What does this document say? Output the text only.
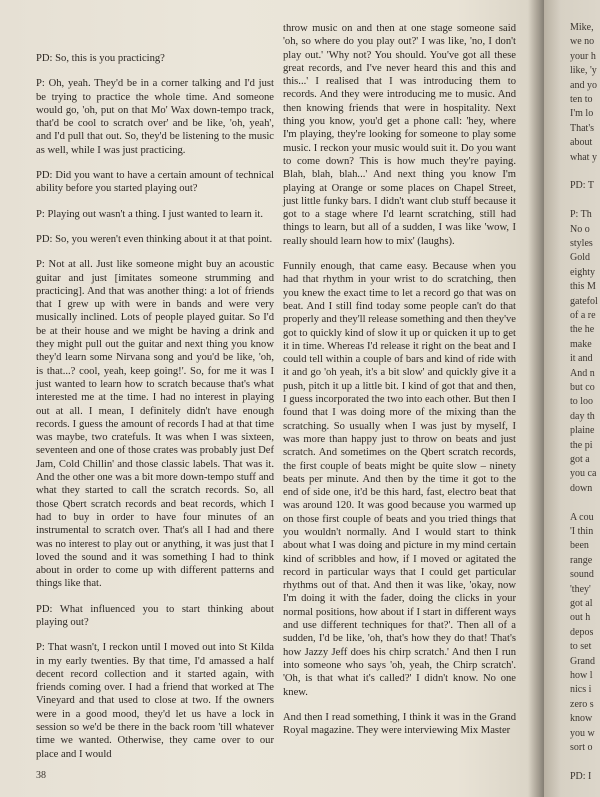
PD: So, this is you practicing?

P: Oh, yeah. They'd be in a corner talking and I'd just be trying to practice the whole time. And someone would go, 'oh, put on that Mo' Wax down-tempo track, that'd be cool to scratch over' and be like, 'oh, yeah', and I'd pull that out. So, they'd be listening to the music as well, while I was just practicing.

PD: Did you want to have a certain amount of technical ability before you started playing out?

P: Playing out wasn't a thing. I just wanted to learn it.

PD: So, you weren't even thinking about it at that point.

P: Not at all. Just like someone might buy an acoustic guitar and just [imitates someone strumming and practicing]. And that was another thing: a lot of friends that I grew up with were in bands and were very musically inclined. Lots of people played guitar. So I'd be at their house and we might be having a drink and they might pull out the guitar and next thing you know they'd learn some Nirvana song and you'd be like, 'oh, is that...? cool, yeah, keep going!'. So, for me it was I just wanted to learn how to scratch because that's what interested me at the time. I had no interest in playing out at all. I mean, I definitely didn't have enough records. I guess the amount of records I had at that time was maybe, two cratefuls. It was when I was sixteen, seventeen and one of those crates was probably just Def Jam, Cold Chillin' and those classic labels. That was it. And the other one was a bit more down-tempo stuff and what they started to call the scratch records. So, all those Qbert scratch records and beat records, which I had to buy in order to have four minutes of an instrumental to scratch over. That's all I had and there was no interest to play out or anything, it was just that I loved the sound and it was something I had to think about in order to come up with different patterns and things like that.

PD: What influenced you to start thinking about playing out?

P: That wasn't, I reckon until I moved out into St Kilda in my early twenties. By that time, I'd amassed a half decent record collection and it started again, with friends coming over. I had a friend that worked at The Vineyard and that used to close at two. If the owners were in a good mood, they'd let us have a lock in session so we'd be there in the back room 'till whatever time we wanted. Otherwise, they came over to our place and I would

throw music on and then at one stage someone said 'oh, so where do you play out?' I was like, 'no, I don't play out.' 'Why not? You should. You've got all these great records, and I've never heard this and this and this...' I realised that I was introducing them to records. And they were introducing me to music. And then knowing friends that were in hospitality. Next thing you know, you'd get a phone call: 'hey, where I'm playing, they're looking for someone to play some music. I reckon your music would suit it. Do you want to come down? This is how much they're paying. Blah, blah, blah...' And next thing you know I'm playing at Orange or some places on Chapel Street, just little funky bars. I didn't want club stuff because it got to a stage where I'd learnt scratching, still had things to learn, but all of a sudden, I was like 'wow, I really should learn how to mix' (laughs).

Funnily enough, that came easy. Because when you had that rhythm in your wrist to do scratching, then you knew the exact time to let a record go that was on beat. And I still find today some people can't do that properly and they'll release something and then they've got to quickly kind of slow it up or quicken it up to get it in time. Whereas I'd release it right on the beat and I could tell within a couple of bars and kind of ride with it and go 'oh yeah, it's a bit slow' and quickly give it a push, pitch it up a little bit. I kind of got that and then, I guess incorporated the two into each other. But then I found that I was doing more of the mixing than the scratching. So usually when I was just by myself, I was more than happy just to throw on beats and just scratch. And sometimes on the Qbert scratch records, the first couple of beats might be quite slow – ninety beats per minute. And then by the time it got to the end of side one, it'd be this hard, fast, electro beat that was around 120. It was good because you warmed up on those first couple of beats and you tried things that you wouldn't normally. And I would start to think about what I was doing and picture in my mind certain kind of scribbles and how, if I moved or agitated the record in particular ways that I could get particular rhythms out of that. And then it was like, 'okay, now I'm doing it with the fader, doing the clicks in your normal positions, how about if I start in different ways and use different techniques for that?'. Then all of a sudden, I'd be like, 'oh, that's how they do that! That's how Jazzy Jeff does his chirp scratch.' And then I run into someone who says 'oh, yeah, the Chirp scratch'. 'Oh, is that what it's called?' I didn't know. No one knew.

And then I read something, I think it was in the Grand Royal magazine. They were interviewing Mix Master

38
Mike,
we no
your h
like, 'y
and yo
ten to
I'm lo
That's
about
what y
PD: T
P: Th
No o
styles
Gold
eighty
this M
gatefol
of a re
the he
make
it and
And n
but co
to loo
day th
plaine
the pi
got a
you ca
down
A cou
'I thin
been
range
sound
'they'
got al
out h
depos
to set
Grand
how l
nics i
zero s
know
you w
sort o
PD: I
